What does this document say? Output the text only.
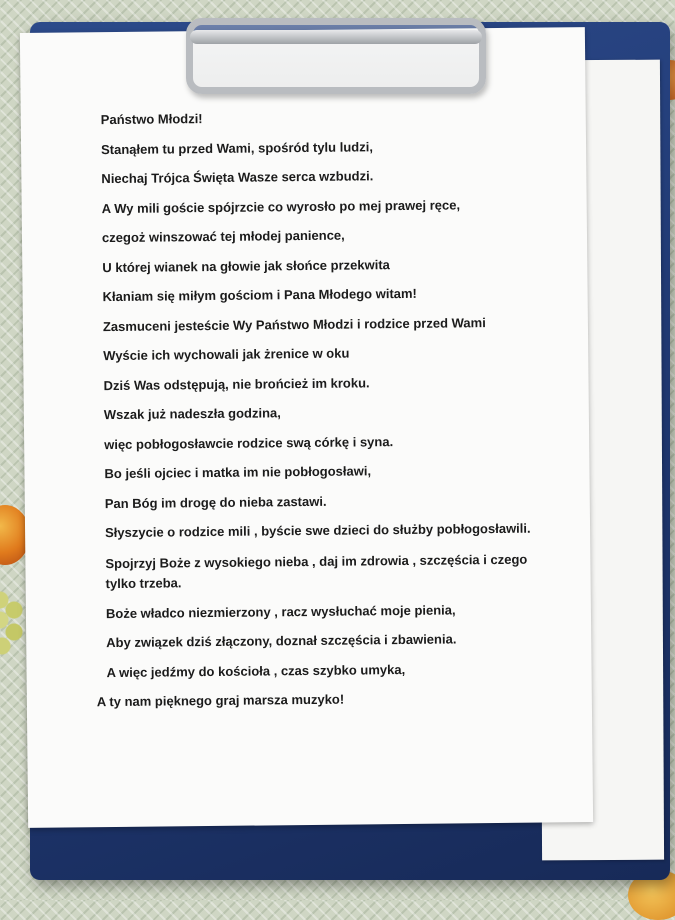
Państwo Młodzi!
Stanąłem tu przed Wami, spośród tylu ludzi,
Niechaj Trójca Święta Wasze serca wzbudzi.
A Wy mili goście spójrzcie co wyrosło po mej prawej ręce,
czegoż winszować tej młodej panience,
U której wianek na głowie jak słońce przekwita
Kłaniam się miłym gościom i Pana Młodego witam!
Zasmuceni jesteście Wy Państwo Młodzi i rodzice przed Wami
Wyście ich wychowali jak żrenice w oku
Dziś Was odstępują, nie brońcież im kroku.
Wszak już nadeszła godzina,
więc pobłogosławcie rodzice swą córkę i syna.
Bo jeśli ojciec i matka im nie pobłogosławi,
Pan Bóg im drogę do nieba zastawi.
Słyszycie o rodzice mili , byście swe dzieci do służby pobłogosławili.
Spojrzyj Boże z wysokiego nieba , daj im zdrowia , szczęścia i czego
tylko trzeba.
Boże władco niezmierzony , racz wysłuchać moje pienia,
Aby związek dziś złączony, doznał szczęścia i zbawienia.
A więc jedźmy do kościoła , czas szybko umyka,
A ty nam pięknego graj marsza muzyko!
